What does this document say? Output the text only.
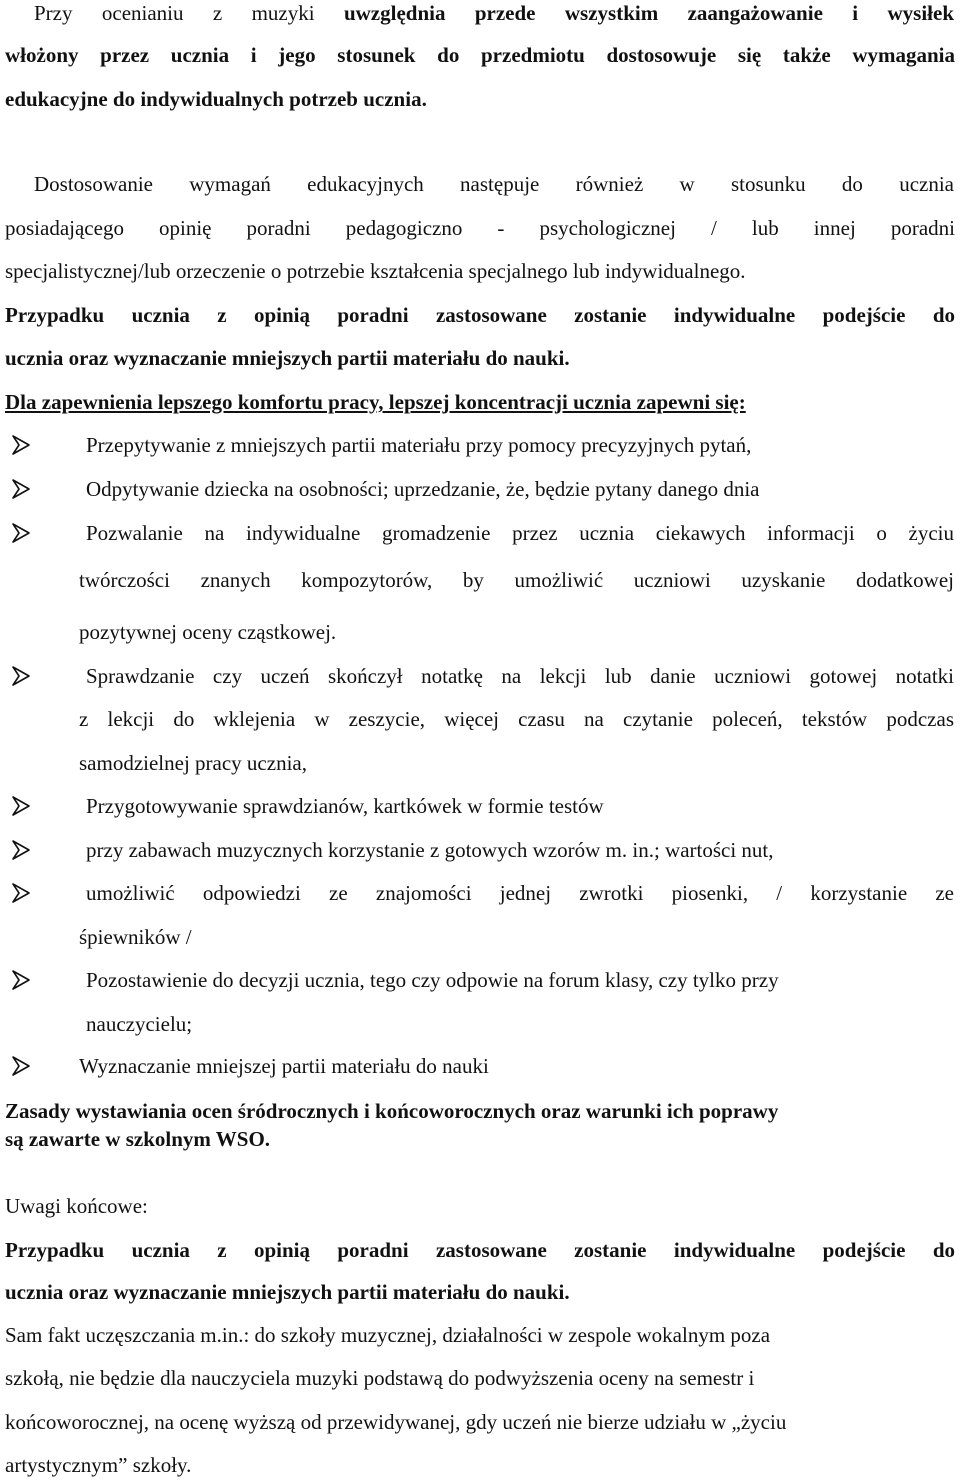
Przy ocenianiu z muzyki uwzględnia przede wszystkim zaangażowanie i wysiłek
włożony przez ucznia i jego stosunek do przedmiotu dostosowuje się także wymagania
edukacyjne do indywidualnych potrzeb ucznia.
Dostosowanie wymagań edukacyjnych następuje również w stosunku do ucznia
posiadającego opinię poradni pedagogiczno - psychologicznej / lub innej poradni
specjalistycznej/lub orzeczenie o potrzebie kształcenia specjalnego lub indywidualnego.
Przypadku ucznia z opinią poradni zastosowane zostanie indywidualne podejście do
ucznia oraz wyznaczanie mniejszych partii materiału do nauki.
Dla zapewnienia lepszego komfortu pracy, lepszej koncentracji ucznia zapewni się:
Przepytywanie z mniejszych partii materiału przy pomocy precyzyjnych pytań,
Odpytywanie dziecka na osobności; uprzedzanie, że, będzie pytany danego dnia
Pozwalanie na indywidualne gromadzenie przez ucznia ciekawych informacji o życiu
twórczości znanych kompozytorów, by umożliwić uczniowi uzyskanie dodatkowej
pozytywnej oceny cząstkowej.
Sprawdzanie czy uczeń skończył notatkę na lekcji lub danie uczniowi gotowej notatki
z lekcji do wklejenia w zeszycie, więcej czasu na czytanie poleceń, tekstów podczas
samodzielnej pracy ucznia,
Przygotowywanie sprawdzianów, kartkówek w formie testów
przy zabawach muzycznych korzystanie z gotowych wzorów m. in.; wartości nut,
umożliwić odpowiedzi ze znajomości jednej zwrotki piosenki, / korzystanie ze
śpiewników /
Pozostawienie do decyzji ucznia, tego czy odpowie na forum klasy, czy tylko przy
nauczycielu;
Wyznaczanie mniejszej partii materiału do nauki
Zasady wystawiania ocen śródrocznych i końcoworocznych oraz warunki ich poprawy
są zawarte w szkolnym WSO.
Uwagi końcowe:
Przypadku ucznia z opinią poradni zastosowane zostanie indywidualne podejście do
ucznia oraz wyznaczanie mniejszych partii materiału do nauki.
Sam fakt uczęszczania m.in.: do szkoły muzycznej, działalności w zespole wokalnym poza
szkołą, nie będzie dla nauczyciela muzyki podstawą do podwyższenia oceny na semestr i
końcoworocznej, na ocenę wyższą od przewidywanej, gdy uczeń nie bierze udziału w „życiu
artystycznym” szkoły.
